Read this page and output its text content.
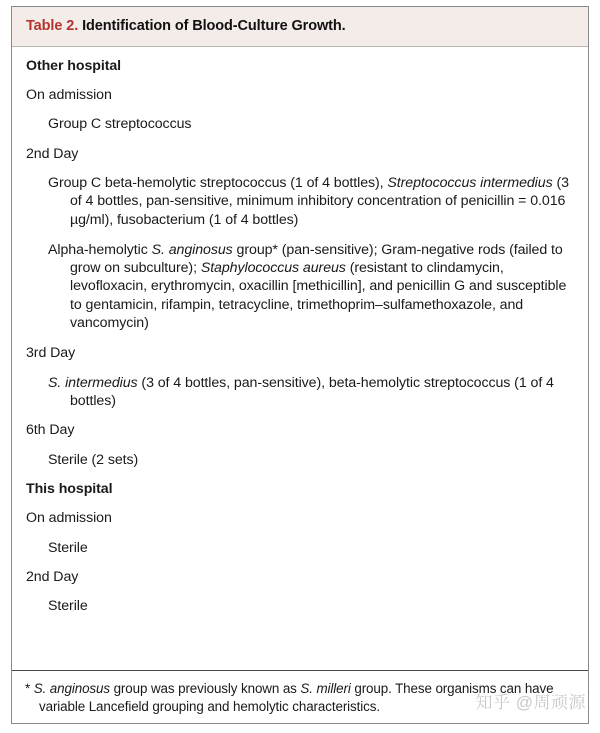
Table 2. Identification of Blood-Culture Growth.
Other hospital
On admission
Group C streptococcus
2nd Day
Group C beta-hemolytic streptococcus (1 of 4 bottles), Streptococcus intermedius (3 of 4 bottles, pan-sensitive, minimum inhibitory concentration of penicillin = 0.016 µg/ml), fusobacterium (1 of 4 bottles)
Alpha-hemolytic S. anginosus group* (pan-sensitive); Gram-negative rods (failed to grow on subculture); Staphylococcus aureus (resistant to clindamycin, levofloxacin, erythromycin, oxacillin [methicillin], and penicillin G and susceptible to gentamicin, rifampin, tetracycline, trimethoprim–sulfamethoxazole, and vancomycin)
3rd Day
S. intermedius (3 of 4 bottles, pan-sensitive), beta-hemolytic streptococcus (1 of 4 bottles)
6th Day
Sterile (2 sets)
This hospital
On admission
Sterile
2nd Day
Sterile
* S. anginosus group was previously known as S. milleri group. These organisms can have variable Lancefield grouping and hemolytic characteristics.	知乎 @周顽源
